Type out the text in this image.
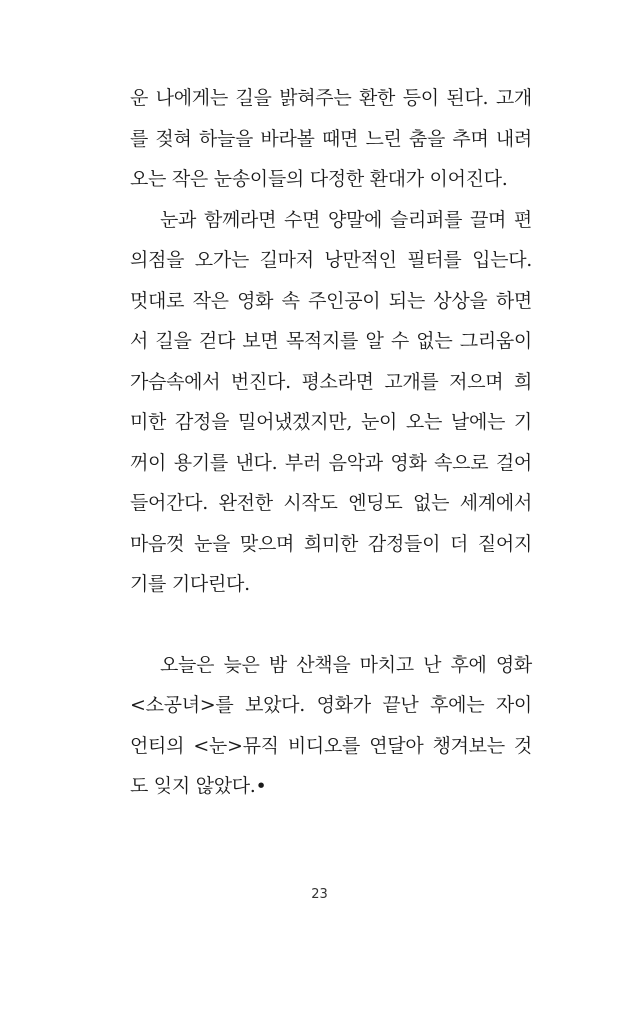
운 나에게는 길을 밝혀주는 환한 등이 된다. 고개
를 젖혀 하늘을 바라볼 때면 느린 춤을 추며 내려
오는 작은 눈송이들의 다정한 환대가 이어진다.
눈과 함께라면 수면 양말에 슬리퍼를 끌며 편
의점을 오가는 길마저 낭만적인 필터를 입는다.
멋대로 작은 영화 속 주인공이 되는 상상을 하면
서 길을 걷다 보면 목적지를 알 수 없는 그리움이
가슴속에서 번진다. 평소라면 고개를 저으며 희
미한 감정을 밀어냈겠지만, 눈이 오는 날에는 기
꺼이 용기를 낸다. 부러 음악과 영화 속으로 걸어
들어간다. 완전한 시작도 엔딩도 없는 세계에서
마음껏 눈을 맞으며 희미한 감정들이 더 짙어지
기를 기다린다.
오늘은 늦은 밤 산책을 마치고 난 후에 영화
<소공녀>를 보았다. 영화가 끝난 후에는 자이
언티의 <눈>뮤직 비디오를 연달아 챙겨보는 것
도 잊지 않았다.•
23
